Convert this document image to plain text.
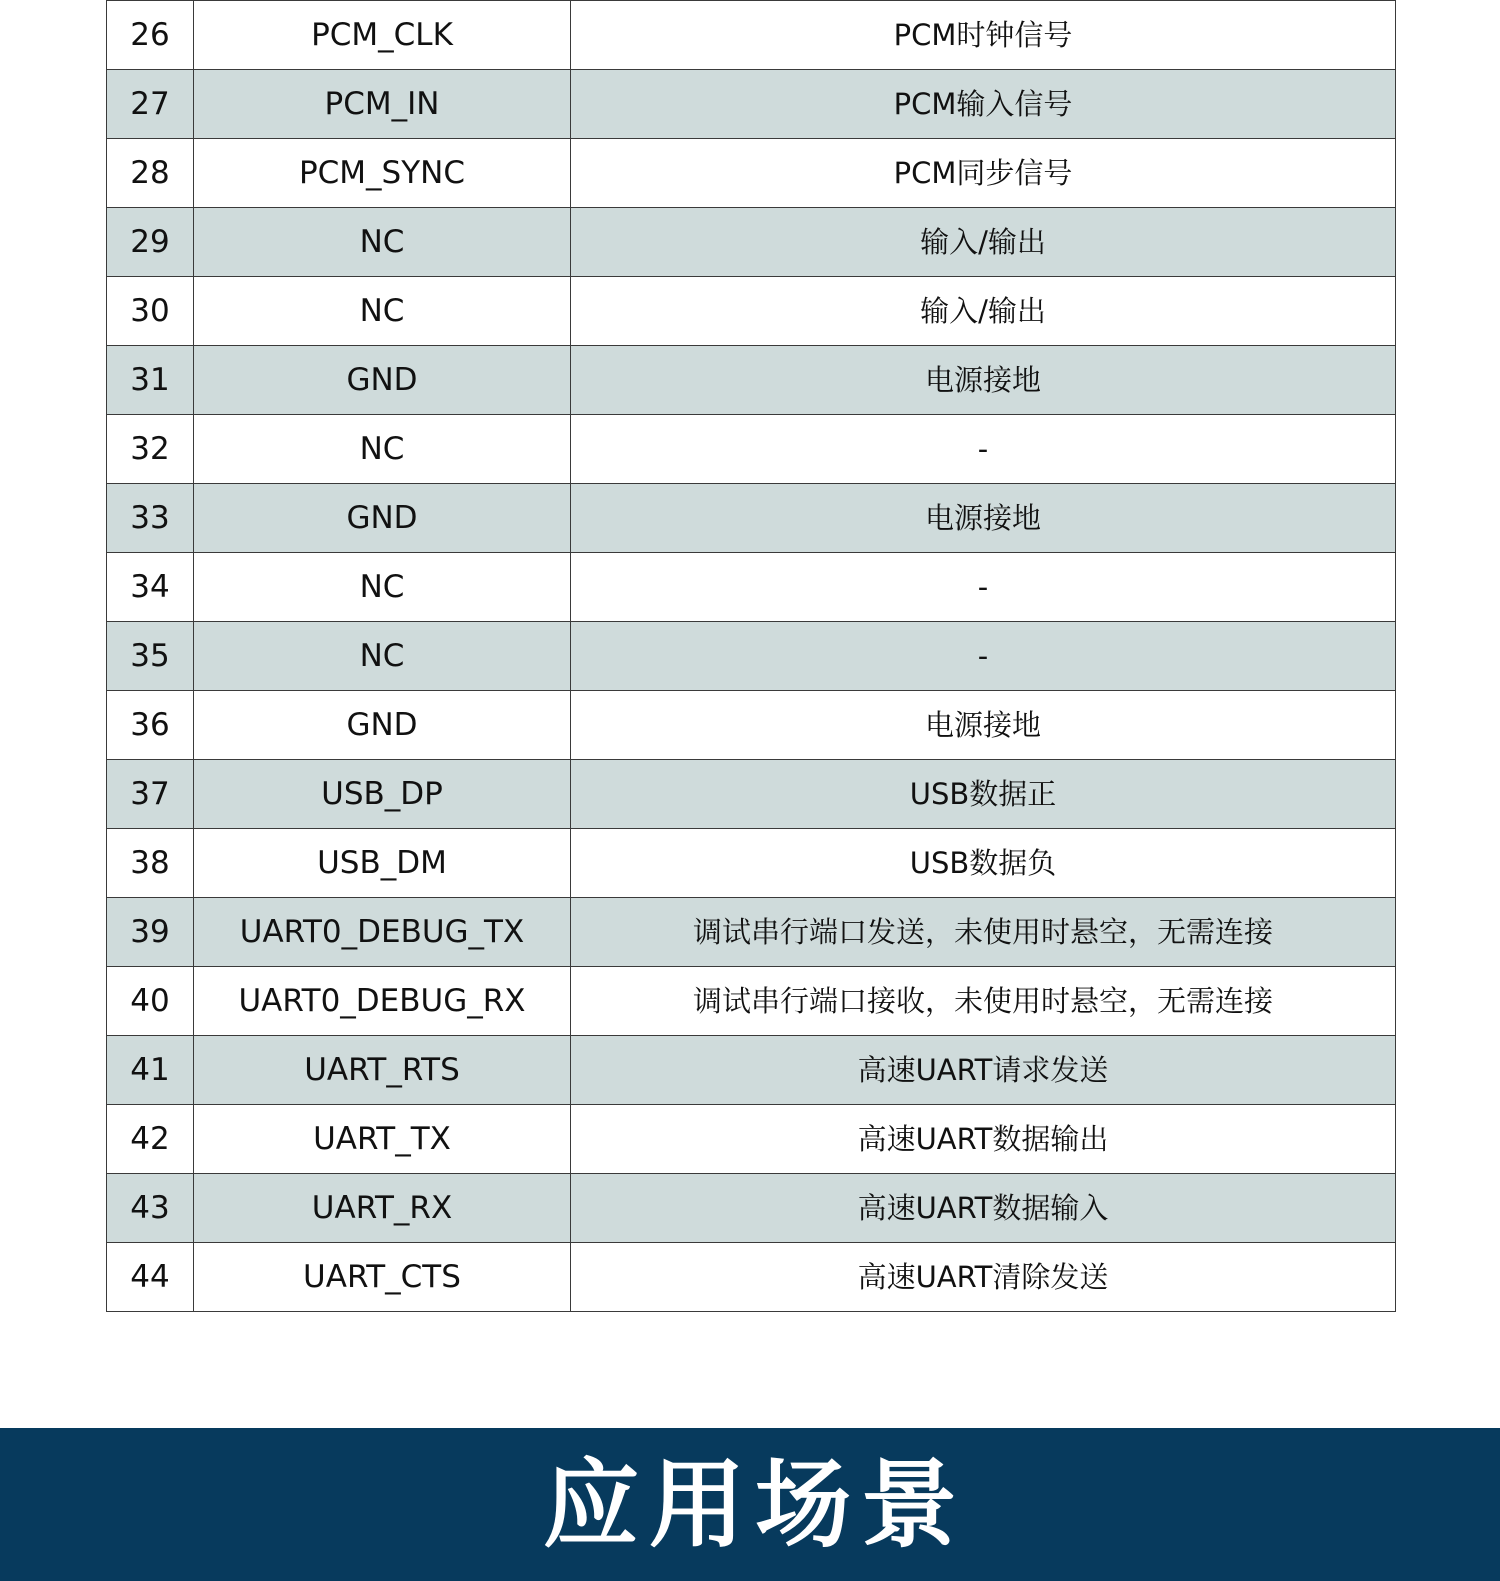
26	PCM_CLK	PCM时钟信号
27	PCM_IN	PCM输入信号
28	PCM_SYNC	PCM同步信号
29	NC	输入/输出
30	NC	输入/输出
31	GND	电源接地
32	NC	-
33	GND	电源接地
34	NC	-
35	NC	-
36	GND	电源接地
37	USB_DP	USB数据正
38	USB_DM	USB数据负
39	UART0_DEBUG_TX	调试串行端口发送，未使用时悬空，无需连接
40	UART0_DEBUG_RX	调试串行端口接收，未使用时悬空，无需连接
41	UART_RTS	高速UART请求发送
42	UART_TX	高速UART数据输出
43	UART_RX	高速UART数据输入
44	UART_CTS	高速UART清除发送
应用场景
